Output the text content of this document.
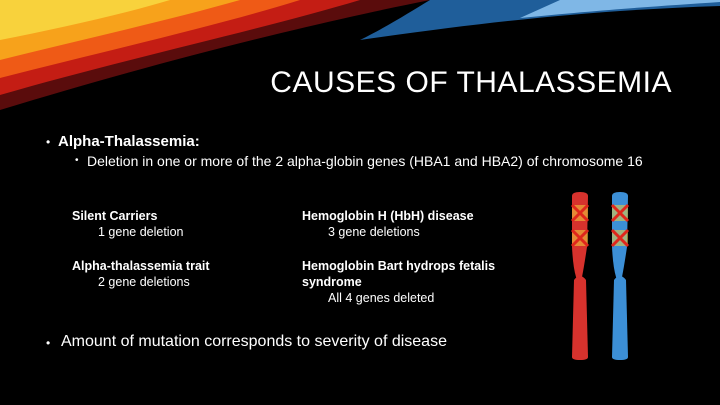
CAUSES OF THALASSEMIA
• Alpha-Thalassemia:
• Deletion in one or more of the 2 alpha-globin genes (HBA1 and HBA2) of chromosome 16
Silent Carriers
1 gene deletion
Alpha-thalassemia trait
2 gene deletions
Hemoglobin H (HbH) disease
3 gene deletions
Hemoglobin Bart hydrops fetalis syndrome
All 4 genes deleted
• Amount of mutation corresponds to severity of disease
